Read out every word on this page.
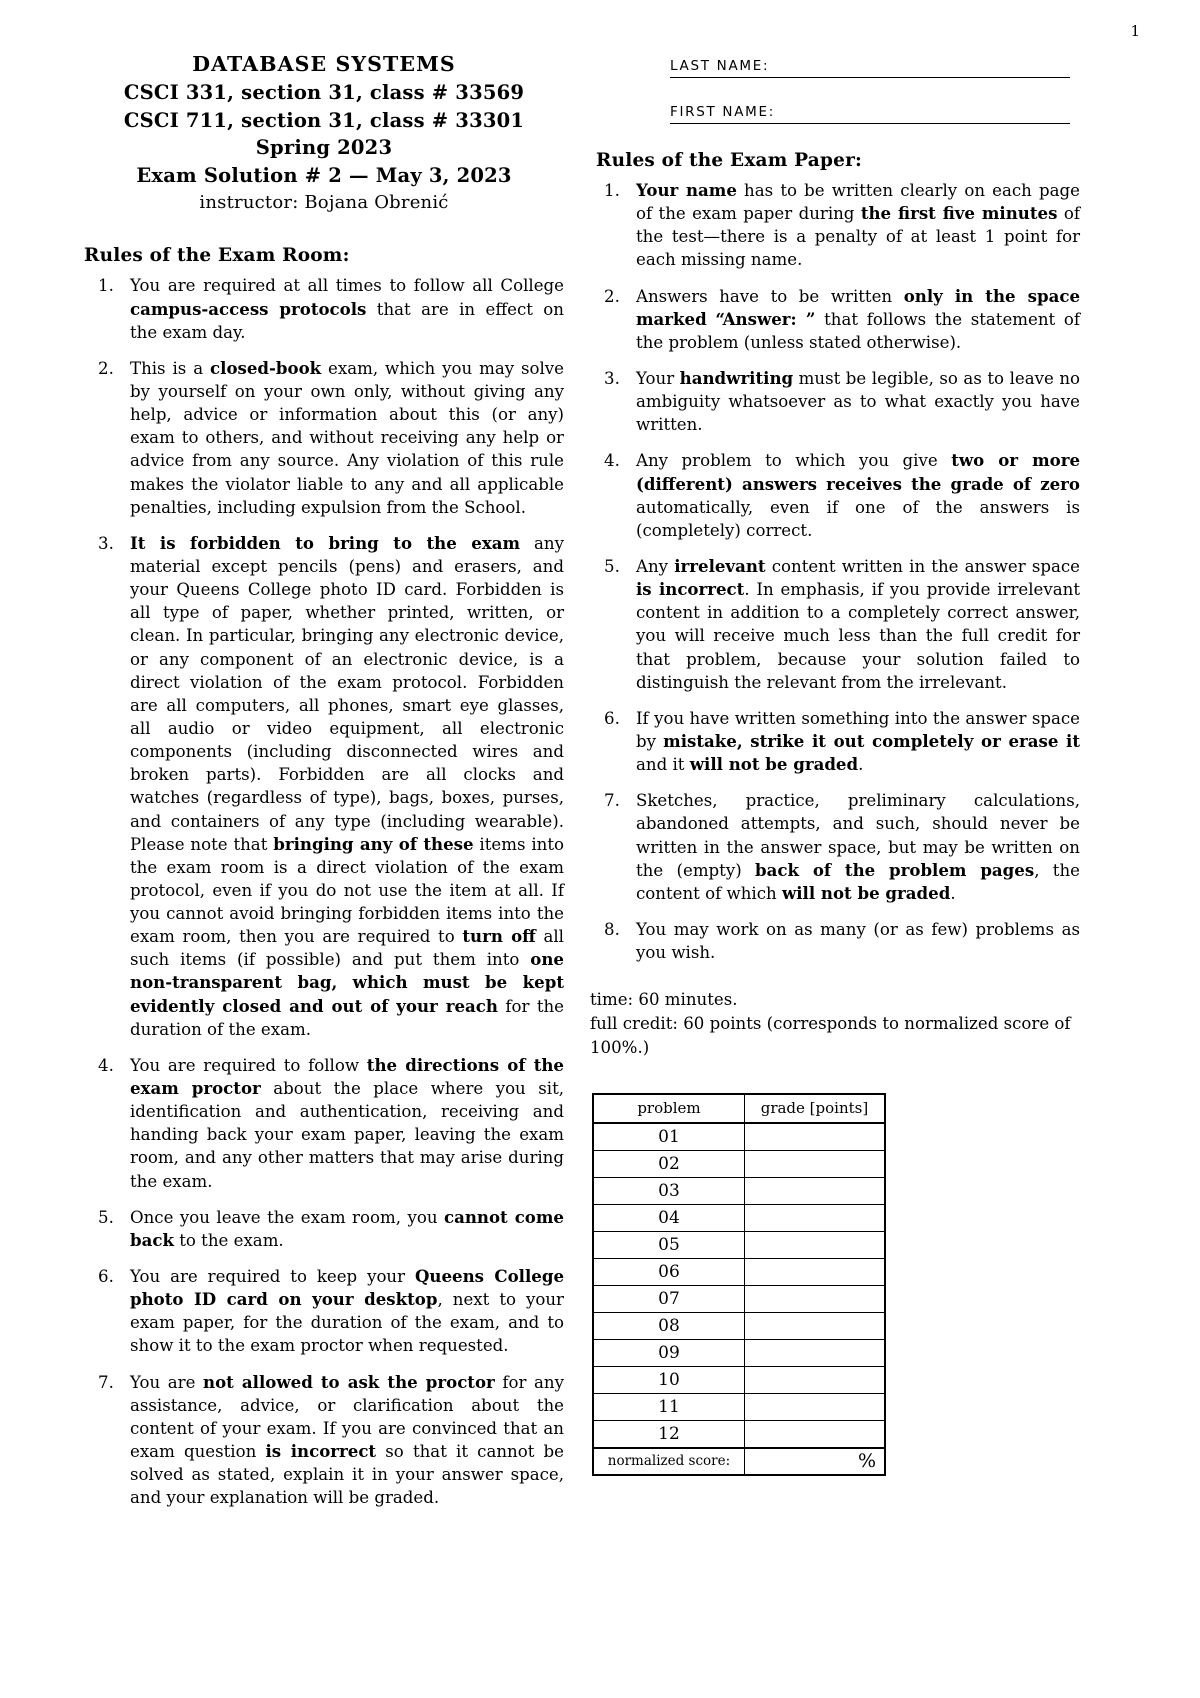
1
DATABASE SYSTEMS
CSCI 331, section 31, class # 33569
CSCI 711, section 31, class # 33301
Spring 2023
Exam Solution # 2 — May 3, 2023
instructor: Bojana Obrenić
Rules of the Exam Room:
You are required at all times to follow all College campus-access protocols that are in effect on the exam day.
This is a closed-book exam, which you may solve by yourself on your own only, without giving any help, advice or information about this (or any) exam to others, and without receiving any help or advice from any source. Any violation of this rule makes the violator liable to any and all applicable penalties, including expulsion from the School.
It is forbidden to bring to the exam any material except pencils (pens) and erasers, and your Queens College photo ID card. Forbidden is all type of paper, whether printed, written, or clean. In particular, bringing any electronic device, or any component of an electronic device, is a direct violation of the exam protocol. Forbidden are all computers, all phones, smart eye glasses, all audio or video equipment, all electronic components (including disconnected wires and broken parts). Forbidden are all clocks and watches (regardless of type), bags, boxes, purses, and containers of any type (including wearable). Please note that bringing any of these items into the exam room is a direct violation of the exam protocol, even if you do not use the item at all. If you cannot avoid bringing forbidden items into the exam room, then you are required to turn off all such items (if possible) and put them into one non-transparent bag, which must be kept evidently closed and out of your reach for the duration of the exam.
You are required to follow the directions of the exam proctor about the place where you sit, identification and authentication, receiving and handing back your exam paper, leaving the exam room, and any other matters that may arise during the exam.
Once you leave the exam room, you cannot come back to the exam.
You are required to keep your Queens College photo ID card on your desktop, next to your exam paper, for the duration of the exam, and to show it to the exam proctor when requested.
You are not allowed to ask the proctor for any assistance, advice, or clarification about the content of your exam. If you are convinced that an exam question is incorrect so that it cannot be solved as stated, explain it in your answer space, and your explanation will be graded.
LAST NAME:
FIRST NAME:
Rules of the Exam Paper:
Your name has to be written clearly on each page of the exam paper during the first five minutes of the test—there is a penalty of at least 1 point for each missing name.
Answers have to be written only in the space marked “Answer: ” that follows the statement of the problem (unless stated otherwise).
Your handwriting must be legible, so as to leave no ambiguity whatsoever as to what exactly you have written.
Any problem to which you give two or more (different) answers receives the grade of zero automatically, even if one of the answers is (completely) correct.
Any irrelevant content written in the answer space is incorrect. In emphasis, if you provide irrelevant content in addition to a completely correct answer, you will receive much less than the full credit for that problem, because your solution failed to distinguish the relevant from the irrelevant.
If you have written something into the answer space by mistake, strike it out completely or erase it and it will not be graded.
Sketches, practice, preliminary calculations, abandoned attempts, and such, should never be written in the answer space, but may be written on the (empty) back of the problem pages, the content of which will not be graded.
You may work on as many (or as few) problems as you wish.
time: 60 minutes.
full credit: 60 points (corresponds to normalized score of 100%.)
problem	grade [points]
01	
02	
03	
04	
05	
06	
07	
08	
09	
10	
11	
12	
normalized score:	%
